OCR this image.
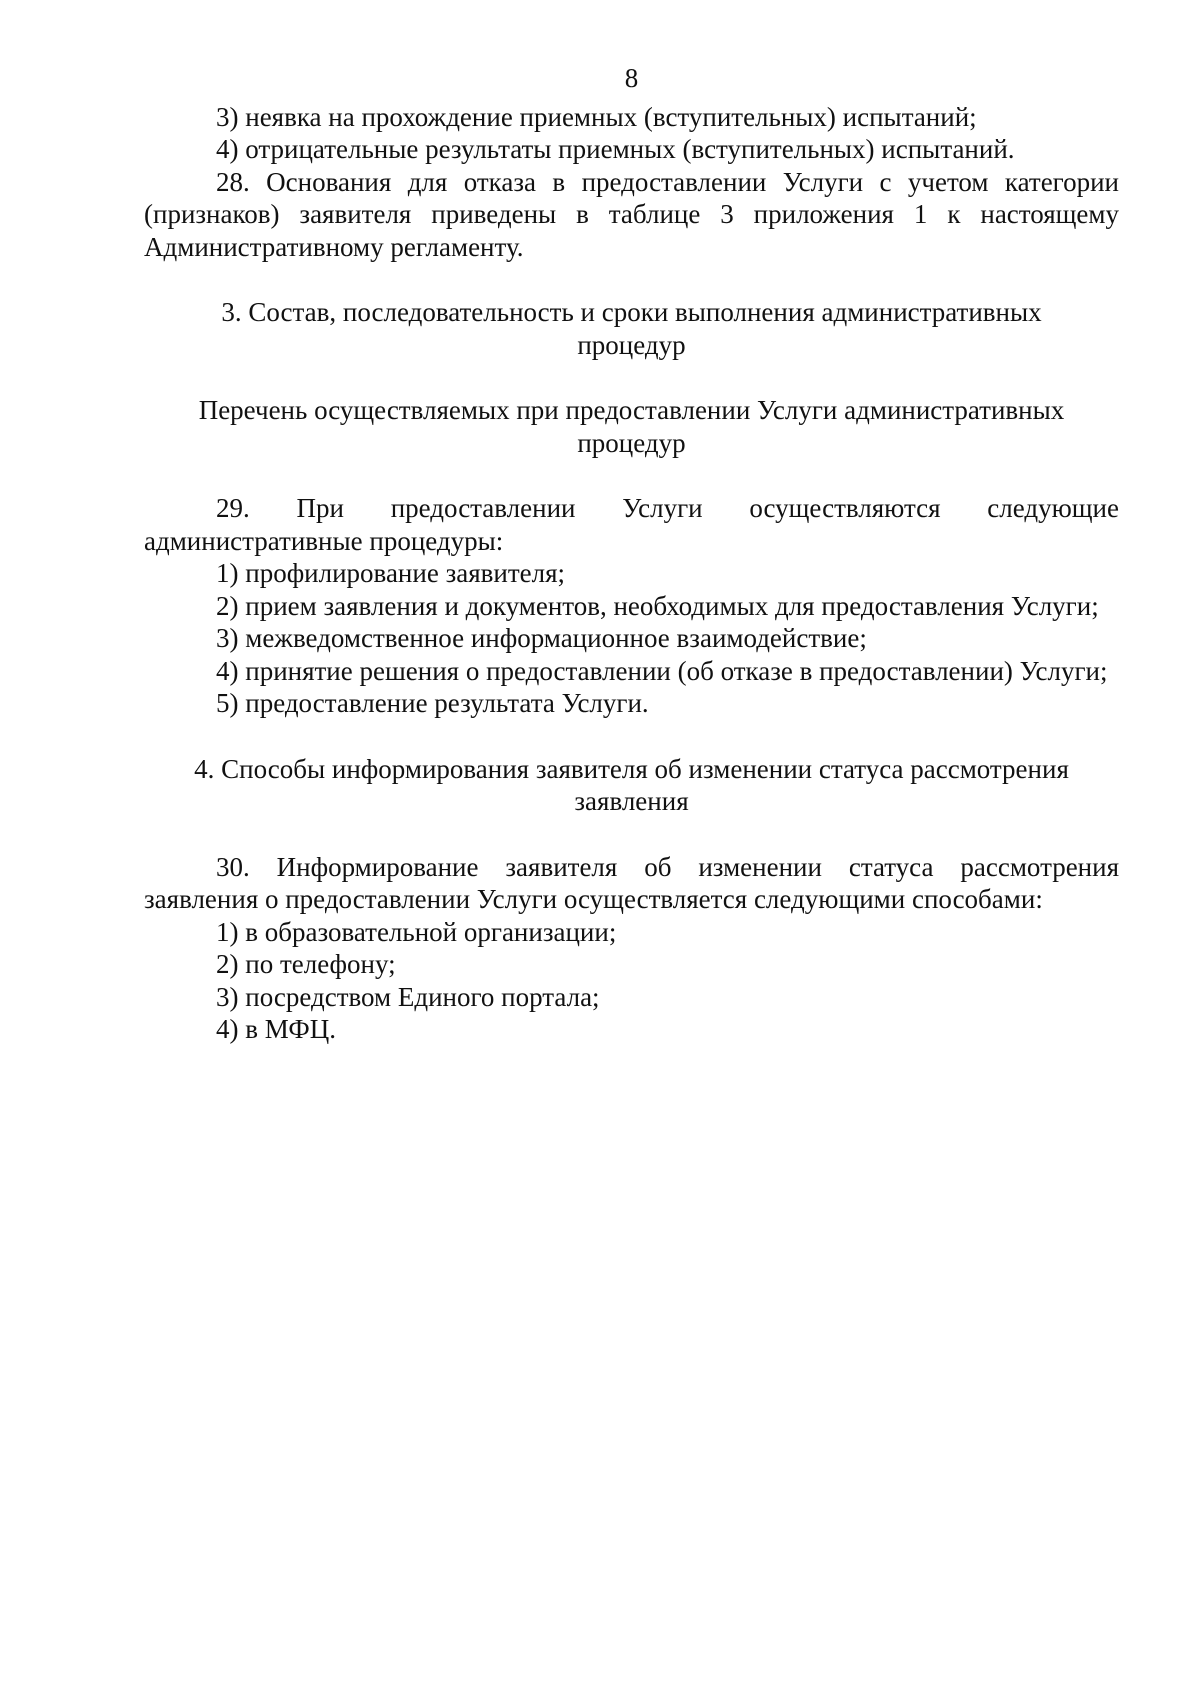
8

3) неявка на прохождение приемных (вступительных) испытаний;

4) отрицательные результаты приемных (вступительных) испытаний.

28. Основания для отказа в предоставлении Услуги с учетом категории (признаков) заявителя приведены в таблице 3 приложения 1 к настоящему Административному регламенту.

3. Состав, последовательность и сроки выполнения административных
процедур
Перечень осуществляемых при предоставлении Услуги административных
процедур
29. При предоставлении Услуги осуществляются следующие
административные процедуры:

1) профилирование заявителя;

2) прием заявления и документов, необходимых для предоставления Услуги;

3) межведомственное информационное взаимодействие;

4) принятие решения о предоставлении (об отказе в предоставлении) Услуги;

5) предоставление результата Услуги.

4. Способы информирования заявителя об изменении статуса рассмотрения
заявления

30. Информирование заявителя об изменении статуса рассмотрения заявления о предоставлении Услуги осуществляется следующими способами:

1) в образовательной организации;

2) по телефону;

3) посредством Единого портала;

4) в МФЦ.
